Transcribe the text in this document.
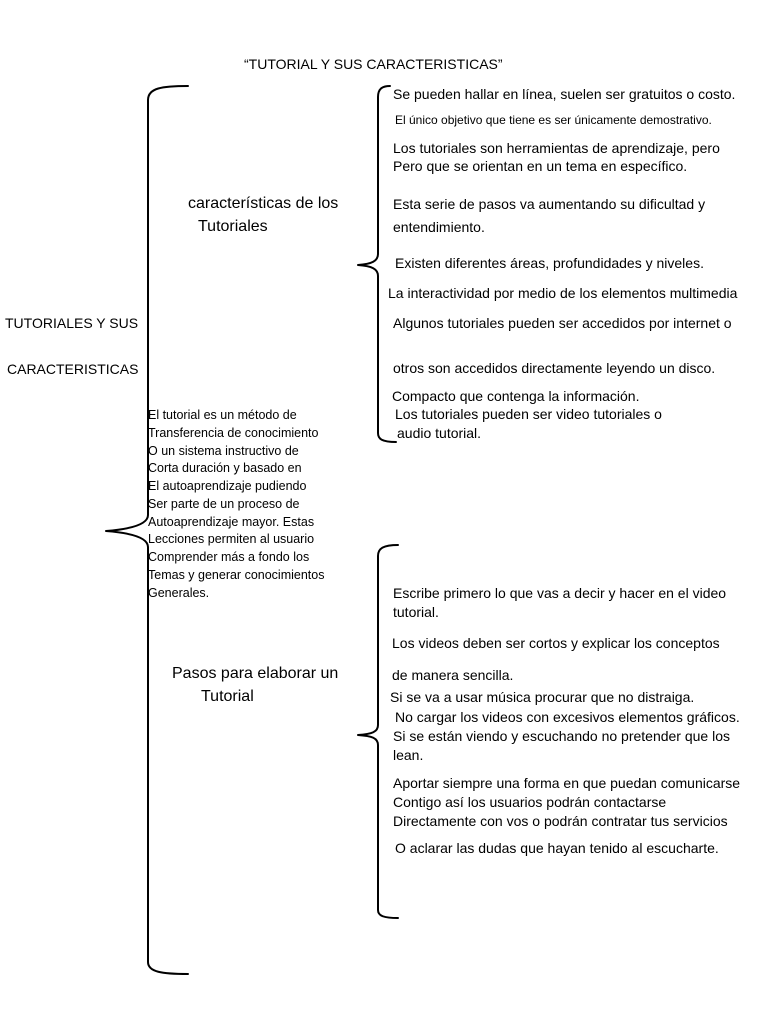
“TUTORIAL Y SUS CARACTERISTICAS”
TUTORIALES Y SUS
CARACTERISTICAS
El tutorial es un método de
Transferencia de conocimiento
O un sistema instructivo de
Corta duración y basado en
El autoaprendizaje pudiendo
Ser parte de un proceso de
Autoaprendizaje mayor. Estas
Lecciones permiten al usuario
Comprender más a fondo los
Temas y generar conocimientos
Generales.
características de los
Tutoriales
Se pueden hallar en línea, suelen ser gratuitos o costo.
El único objetivo que tiene es ser únicamente demostrativo.
Los tutoriales son herramientas de aprendizaje, pero
Pero que se orientan en un tema en específico.
Esta serie de pasos va aumentando su dificultad y
entendimiento.
Existen diferentes áreas, profundidades y niveles.
La interactividad por medio de los elementos multimedia
Algunos tutoriales pueden ser accedidos por internet o
otros son accedidos directamente leyendo un disco.
Compacto que contenga la información.
Los tutoriales pueden ser video tutoriales o
audio tutorial.
Pasos para elaborar un
Tutorial
Escribe primero lo que vas a decir y hacer en el video
tutorial.
Los videos deben ser cortos y explicar los conceptos
de manera sencilla.
Si se va a usar música procurar que no distraiga.
No cargar los videos con excesivos elementos gráficos.
Si se están viendo y escuchando no pretender que los
lean.
Aportar siempre una forma en que puedan comunicarse
Contigo así los usuarios podrán contactarse
Directamente con vos o podrán contratar tus servicios
O aclarar las dudas que hayan tenido al escucharte.
